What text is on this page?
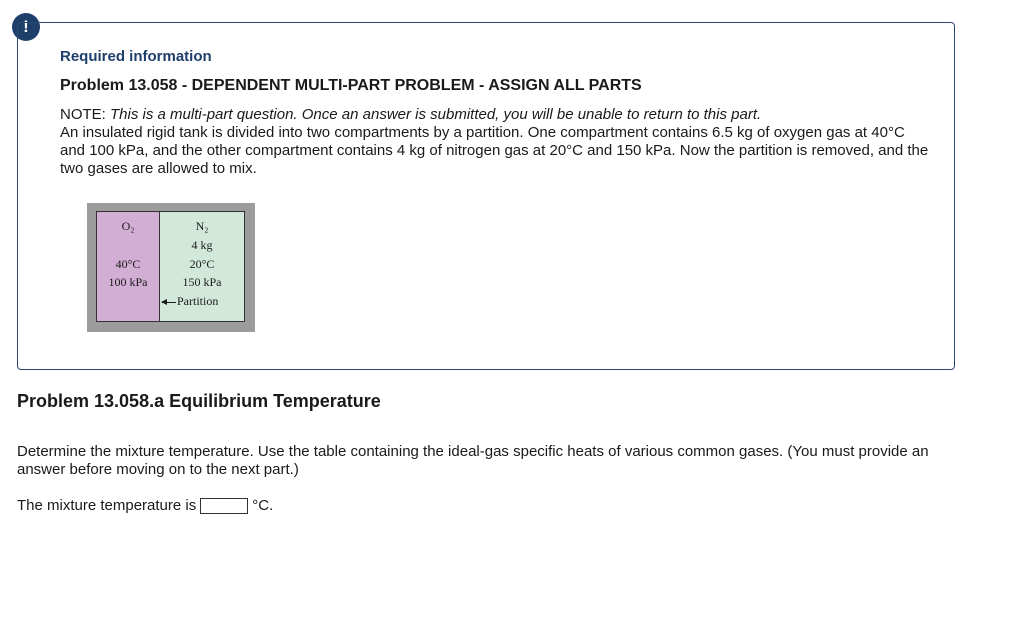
!
Required information
Problem 13.058 - DEPENDENT MULTI-PART PROBLEM - ASSIGN ALL PARTS
NOTE: This is a multi-part question. Once an answer is submitted, you will be unable to return to this part.
An insulated rigid tank is divided into two compartments by a partition. One compartment contains 6.5 kg of oxygen gas at 40°C and 100 kPa, and the other compartment contains 4 kg of nitrogen gas at 20°C and 150 kPa. Now the partition is removed, and the two gases are allowed to mix.
O₂
40°C
100 kPa
N₂
4 kg
20°C
150 kPa
Partition
Problem 13.058.a Equilibrium Temperature
Determine the mixture temperature. Use the table containing the ideal-gas specific heats of various common gases. (You must provide an answer before moving on to the next part.)
The mixture temperature is	°C.
